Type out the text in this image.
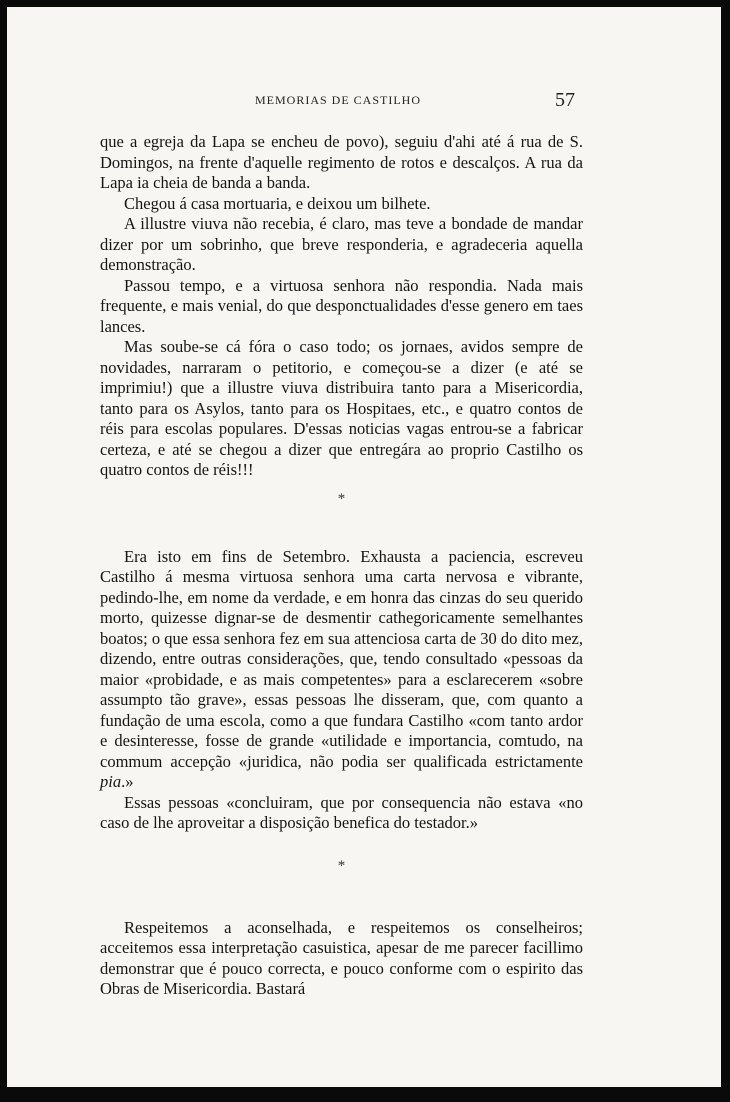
MEMORIAS DE CASTILHO	57

que a egreja da Lapa se encheu de povo), seguiu d'ahi até á rua de S. Domingos, na frente d'aquelle regimento de rotos e descalços. A rua da Lapa ia cheia de banda a banda.

Chegou á casa mortuaria, e deixou um bilhete.

A illustre viuva não recebia, é claro, mas teve a bondade de mandar dizer por um sobrinho, que breve responderia, e agradeceria aquella demonstração.

Passou tempo, e a virtuosa senhora não respondia. Nada mais frequente, e mais venial, do que desponctualidades d'esse genero em taes lances.

Mas soube-se cá fóra o caso todo; os jornaes, avidos sempre de novidades, narraram o petitorio, e começou-se a dizer (e até se imprimiu!) que a illustre viuva distribuira tanto para a Misericordia, tanto para os Asylos, tanto para os Hospitaes, etc., e quatro contos de réis para escolas populares. D'essas noticias vagas entrou-se a fabricar certeza, e até se chegou a dizer que entregára ao proprio Castilho os quatro contos de réis!!!

*

Era isto em fins de Setembro. Exhausta a paciencia, escreveu Castilho á mesma virtuosa senhora uma carta nervosa e vibrante, pedindo-lhe, em nome da verdade, e em honra das cinzas do seu querido morto, quizesse dignar-se de desmentir cathegoricamente semelhantes boatos; o que essa senhora fez em sua attenciosa carta de 30 do dito mez, dizendo, entre outras considerações, que, tendo consultado «pessoas da maior «probidade, e as mais competentes» para a esclarecerem «sobre assumpto tão grave», essas pessoas lhe disseram, que, com quanto a fundação de uma escola, como a que fundara Castilho «com tanto ardor e desinteresse, fosse de grande «utilidade e importancia, comtudo, na commum accepção «juridica, não podia ser qualificada estrictamente pia.»

Essas pessoas «concluiram, que por consequencia não estava «no caso de lhe aproveitar a disposição benefica do testador.»

*

Respeitemos a aconselhada, e respeitemos os conselheiros; acceitemos essa interpretação casuistica, apesar de me parecer facillimo demonstrar que é pouco correcta, e pouco conforme com o espirito das Obras de Misericordia. Bastará
